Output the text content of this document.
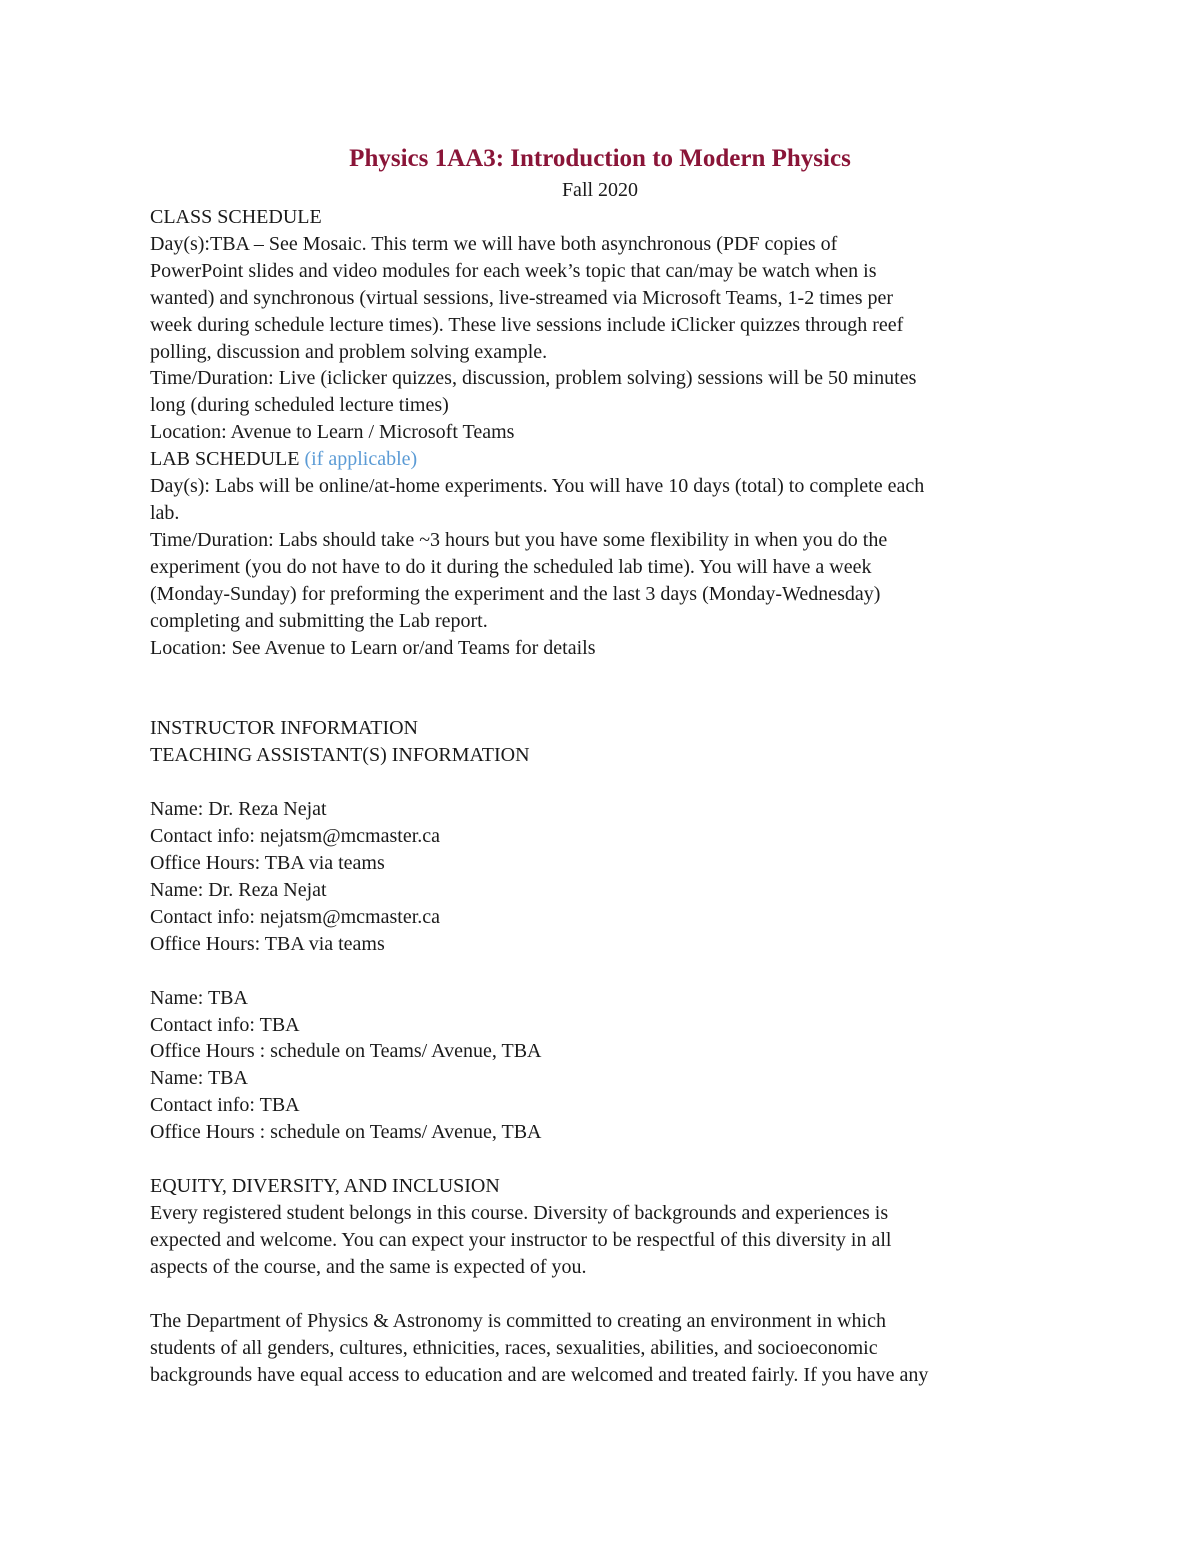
Physics 1AA3: Introduction to Modern Physics

Fall 2020

CLASS SCHEDULE

Day(s):TBA – See Mosaic. This term we will have both asynchronous (PDF copies of

PowerPoint slides and video modules for each week’s topic that can/may be watch when is

wanted) and synchronous (virtual sessions, live-streamed via Microsoft Teams, 1-2 times per

week during schedule lecture times). These live sessions include iClicker quizzes through reef

polling, discussion and problem solving example.

Time/Duration: Live (iclicker quizzes, discussion, problem solving) sessions will be 50 minutes

long (during scheduled lecture times)

Location: Avenue to Learn / Microsoft Teams

LAB SCHEDULE (if applicable)

Day(s): Labs will be online/at-home experiments. You will have 10 days (total) to complete each

lab.

Time/Duration: Labs should take ~3 hours but you have some flexibility in when you do the

experiment (you do not have to do it during the scheduled lab time). You will have a week

(Monday-Sunday) for preforming the experiment and the last 3 days (Monday-Wednesday)

completing and submitting the Lab report.

Location: See Avenue to Learn or/and Teams for details

INSTRUCTOR INFORMATION

TEACHING ASSISTANT(S) INFORMATION

Name: Dr. Reza Nejat

Contact info: nejatsm@mcmaster.ca

Office Hours: TBA via teams

Name: Dr. Reza Nejat

Contact info: nejatsm@mcmaster.ca

Office Hours: TBA via teams

Name: TBA

Contact info: TBA

Office Hours : schedule on Teams/ Avenue, TBA

Name: TBA

Contact info: TBA

Office Hours : schedule on Teams/ Avenue, TBA

EQUITY, DIVERSITY, AND INCLUSION

Every registered student belongs in this course. Diversity of backgrounds and experiences is

expected and welcome. You can expect your instructor to be respectful of this diversity in all

aspects of the course, and the same is expected of you.

The Department of Physics & Astronomy is committed to creating an environment in which

students of all genders, cultures, ethnicities, races, sexualities, abilities, and socioeconomic

backgrounds have equal access to education and are welcomed and treated fairly. If you have any
